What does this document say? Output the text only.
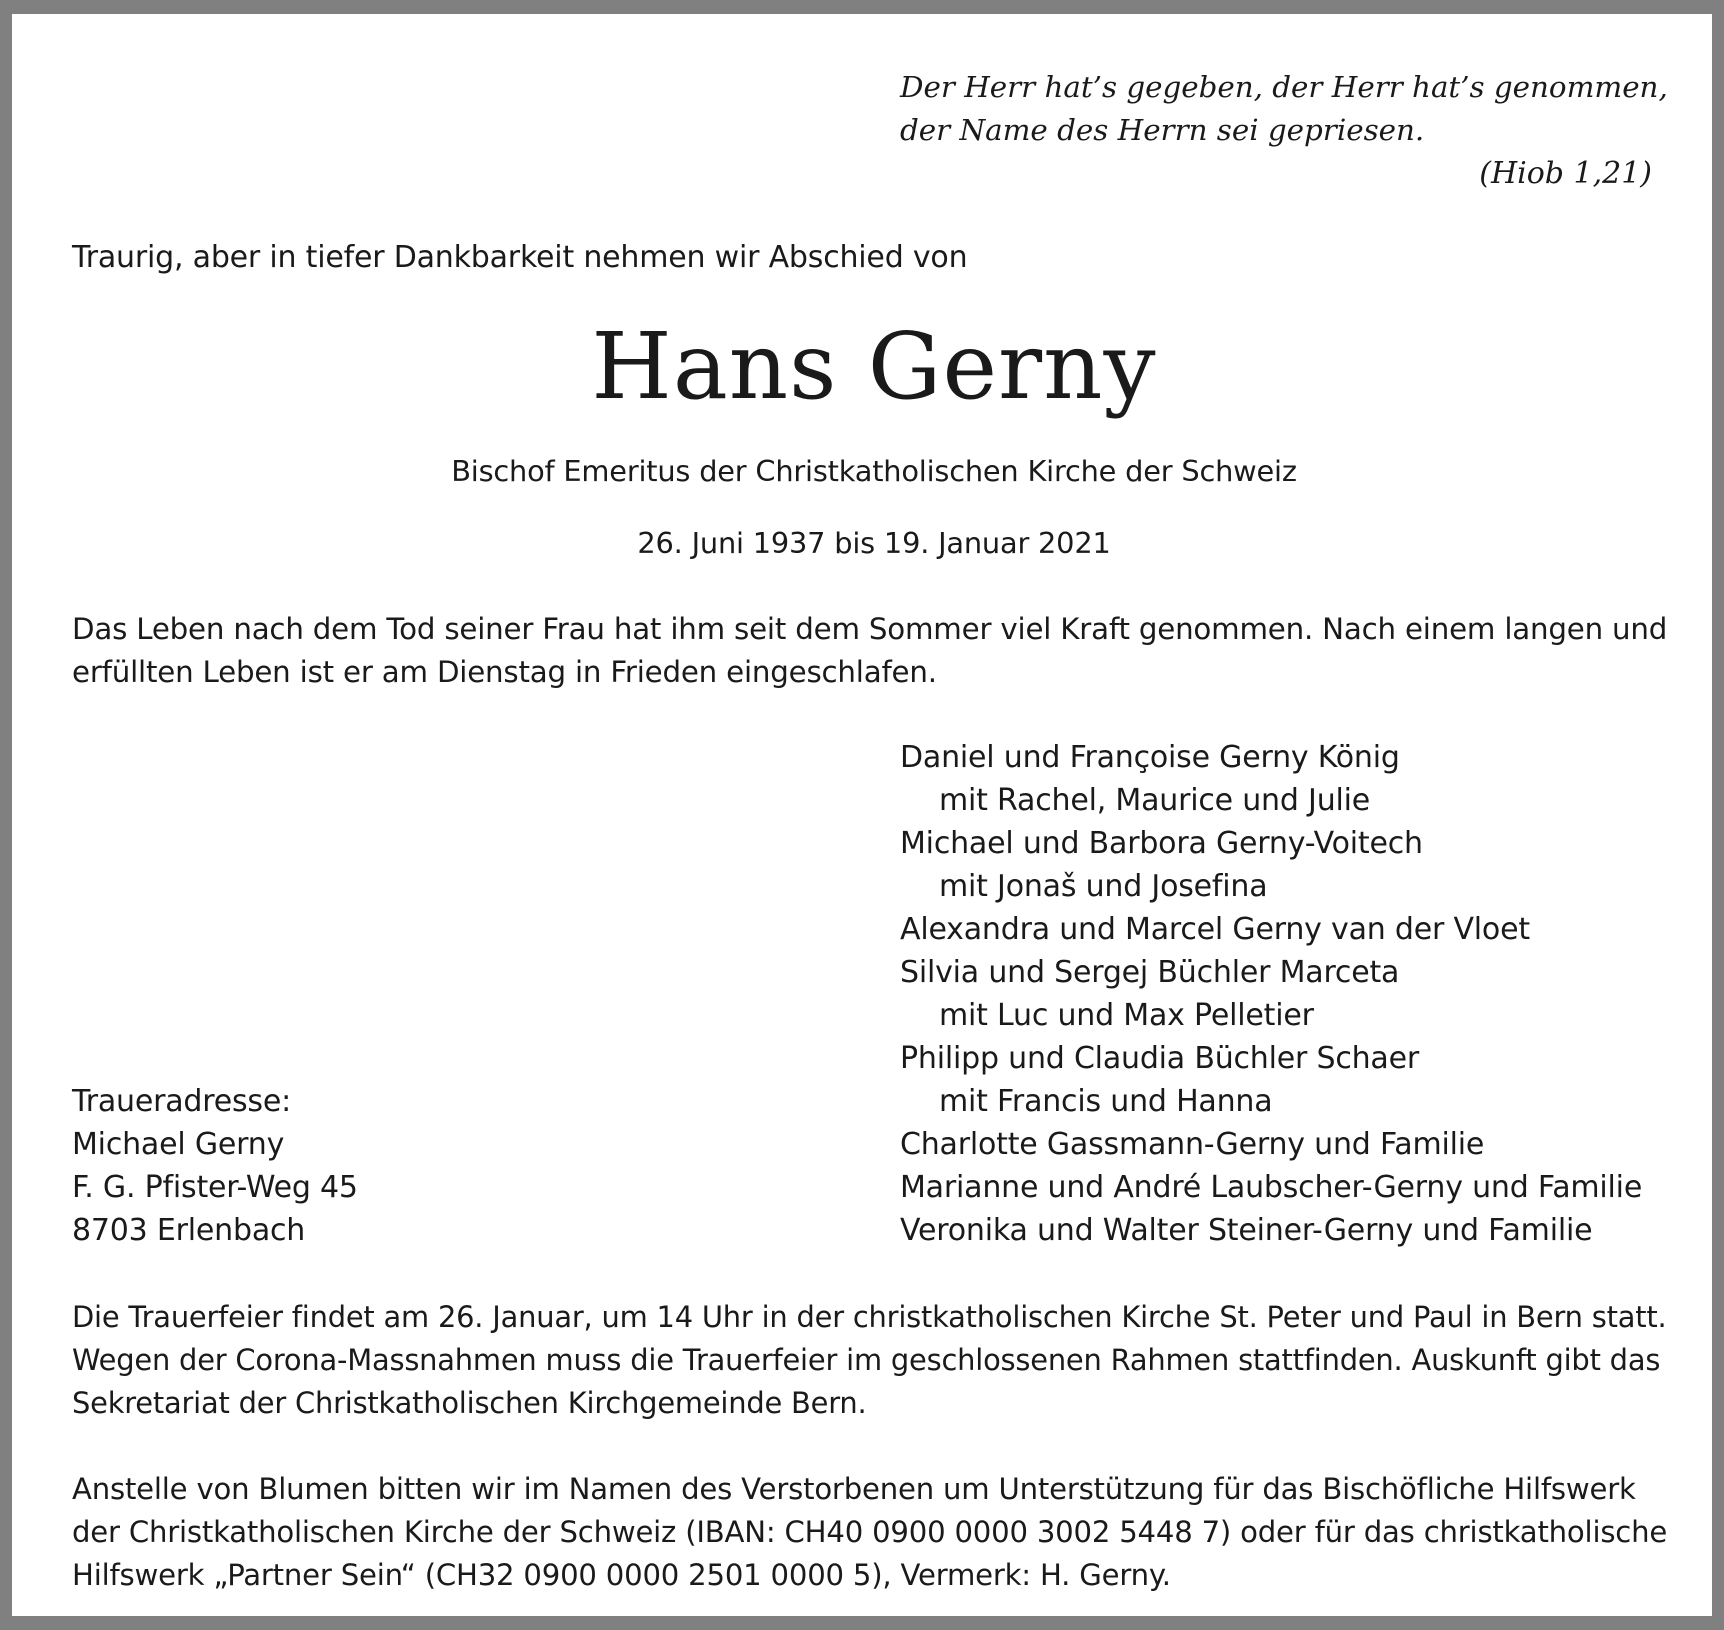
Der Herr hat’s gegeben, der Herr hat’s genommen,
der Name des Herrn sei gepriesen.
(Hiob 1,21)
Traurig, aber in tiefer Dankbarkeit nehmen wir Abschied von
Hans Gerny
Bischof Emeritus der Christkatholischen Kirche der Schweiz
26. Juni 1937 bis 19. Januar 2021
Das Leben nach dem Tod seiner Frau hat ihm seit dem Sommer viel Kraft genommen. Nach einem langen und
erfüllten Leben ist er am Dienstag in Frieden eingeschlafen.
Daniel und Françoise Gerny König
mit Rachel, Maurice und Julie
Michael und Barbora Gerny-Voitech
mit Jonaš und Josefina
Alexandra und Marcel Gerny van der Vloet
Silvia und Sergej Büchler Marceta
mit Luc und Max Pelletier
Philipp und Claudia Büchler Schaer
mit Francis und Hanna
Charlotte Gassmann-Gerny und Familie
Marianne und André Laubscher-Gerny und Familie
Veronika und Walter Steiner-Gerny und Familie
Traueradresse:
Michael Gerny
F. G. Pfister-Weg 45
8703 Erlenbach
Die Trauerfeier findet am 26. Januar, um 14 Uhr in der christkatholischen Kirche St. Peter und Paul in Bern statt.
Wegen der Corona-Massnahmen muss die Trauerfeier im geschlossenen Rahmen stattfinden. Auskunft gibt das
Sekretariat der Christkatholischen Kirchgemeinde Bern.
Anstelle von Blumen bitten wir im Namen des Verstorbenen um Unterstützung für das Bischöfliche Hilfswerk
der Christkatholischen Kirche der Schweiz (IBAN: CH40 0900 0000 3002 5448 7) oder für das christkatholische
Hilfswerk „Partner Sein“ (CH32 0900 0000 2501 0000 5), Vermerk: H. Gerny.
